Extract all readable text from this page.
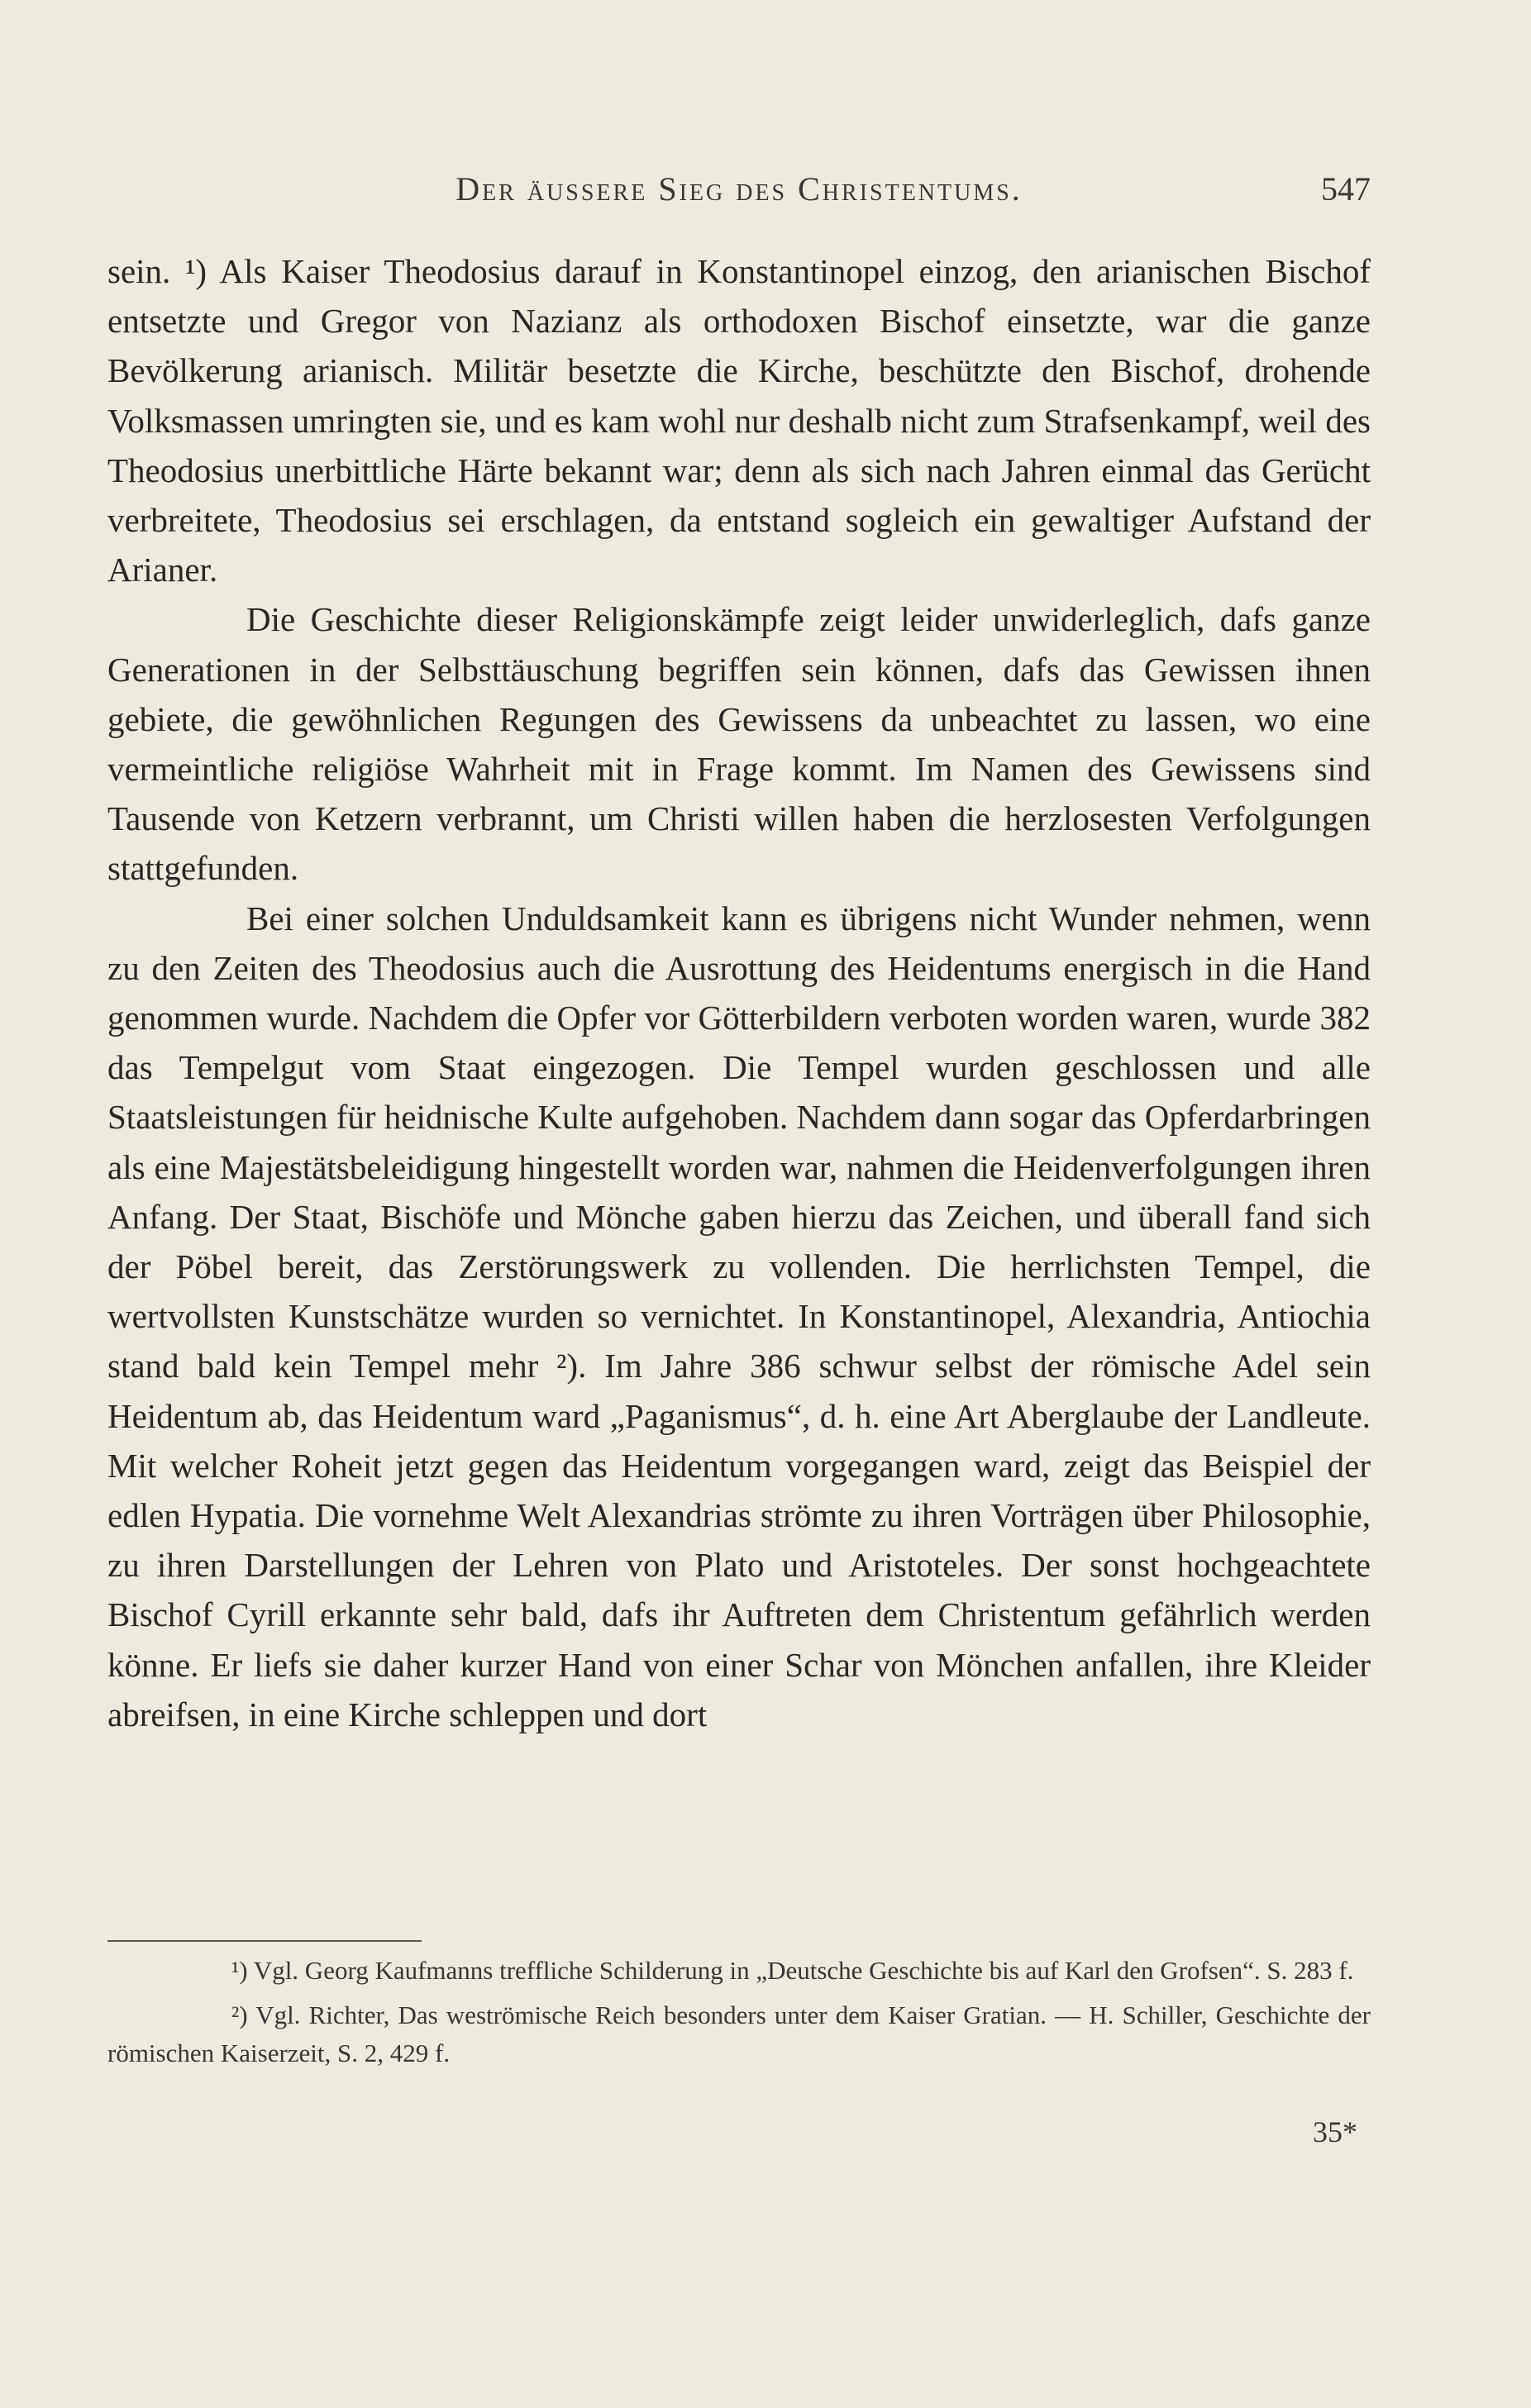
Der äussere Sieg des Christentums.	547

sein. ¹) Als Kaiser Theodosius darauf in Konstantinopel einzog, den arianischen Bischof entsetzte und Gregor von Nazianz als orthodoxen Bischof einsetzte, war die ganze Bevölkerung arianisch. Militär besetzte die Kirche, beschützte den Bischof, drohende Volksmassen umringten sie, und es kam wohl nur deshalb nicht zum Strafsenkampf, weil des Theodosius unerbittliche Härte bekannt war; denn als sich nach Jahren einmal das Gerücht verbreitete, Theodosius sei erschlagen, da entstand sogleich ein gewaltiger Aufstand der Arianer.

Die Geschichte dieser Religionskämpfe zeigt leider unwiderleglich, dafs ganze Generationen in der Selbsttäuschung begriffen sein können, dafs das Gewissen ihnen gebiete, die gewöhnlichen Regungen des Gewissens da unbeachtet zu lassen, wo eine vermeintliche religiöse Wahrheit mit in Frage kommt. Im Namen des Gewissens sind Tausende von Ketzern verbrannt, um Christi willen haben die herzlosesten Verfolgungen stattgefunden.

Bei einer solchen Unduldsamkeit kann es übrigens nicht Wunder nehmen, wenn zu den Zeiten des Theodosius auch die Ausrottung des Heidentums energisch in die Hand genommen wurde. Nachdem die Opfer vor Götterbildern verboten worden waren, wurde 382 das Tempelgut vom Staat eingezogen. Die Tempel wurden geschlossen und alle Staatsleistungen für heidnische Kulte aufgehoben. Nachdem dann sogar das Opferdarbringen als eine Majestätsbeleidigung hingestellt worden war, nahmen die Heidenverfolgungen ihren Anfang. Der Staat, Bischöfe und Mönche gaben hierzu das Zeichen, und überall fand sich der Pöbel bereit, das Zerstörungswerk zu vollenden. Die herrlichsten Tempel, die wertvollsten Kunstschätze wurden so vernichtet. In Konstantinopel, Alexandria, Antiochia stand bald kein Tempel mehr ²). Im Jahre 386 schwur selbst der römische Adel sein Heidentum ab, das Heidentum ward „Paganismus“, d. h. eine Art Aberglaube der Landleute. Mit welcher Roheit jetzt gegen das Heidentum vorgegangen ward, zeigt das Beispiel der edlen Hypatia. Die vornehme Welt Alexandrias strömte zu ihren Vorträgen über Philosophie, zu ihren Darstellungen der Lehren von Plato und Aristoteles. Der sonst hochgeachtete Bischof Cyrill erkannte sehr bald, dafs ihr Auftreten dem Christentum gefährlich werden könne. Er liefs sie daher kurzer Hand von einer Schar von Mönchen anfallen, ihre Kleider abreifsen, in eine Kirche schleppen und dort

¹) Vgl. Georg Kaufmanns treffliche Schilderung in „Deutsche Geschichte bis auf Karl den Grofsen“. S. 283 f.

²) Vgl. Richter, Das weströmische Reich besonders unter dem Kaiser Gratian. — H. Schiller, Geschichte der römischen Kaiserzeit, S. 2, 429 f.

35*
